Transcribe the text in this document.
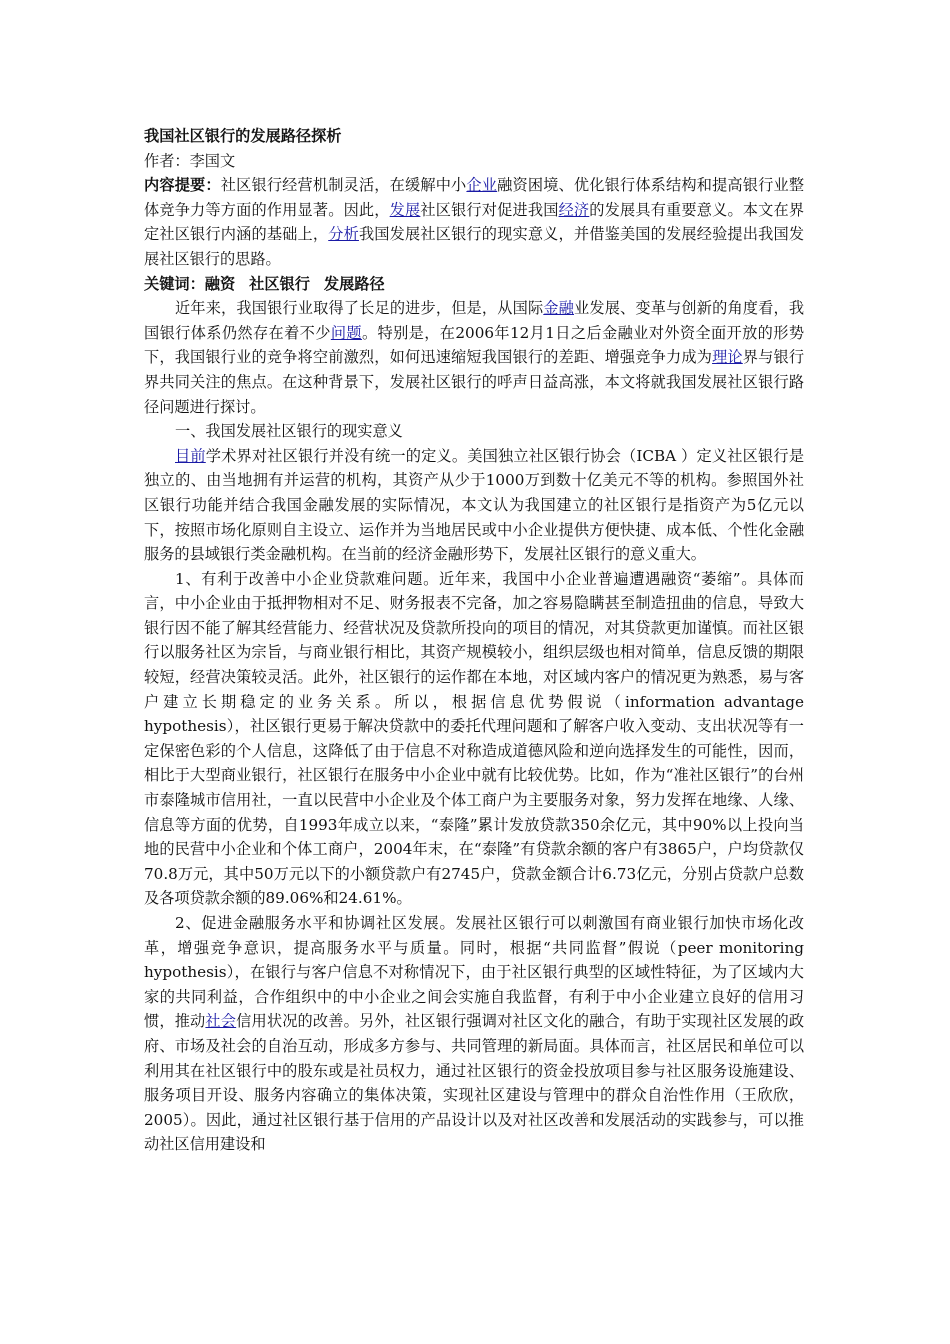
我国社区银行的发展路径探析

作者：李国文

内容提要：社区银行经营机制灵活，在缓解中小企业融资困境、优化银行体系结构和提高银行业整体竞争力等方面的作用显著。因此，发展社区银行对促进我国经济的发展具有重要意义。本文在界定社区银行内涵的基础上，分析我国发展社区银行的现实意义，并借鉴美国的发展经验提出我国发展社区银行的思路。

关键词：融资 社区银行 发展路径

近年来，我国银行业取得了长足的进步，但是，从国际金融业发展、变革与创新的角度看，我国银行体系仍然存在着不少问题。特别是，在2006年12月1日之后金融业对外资全面开放的形势下，我国银行业的竞争将空前激烈，如何迅速缩短我国银行的差距、增强竞争力成为理论界与银行界共同关注的焦点。在这种背景下，发展社区银行的呼声日益高涨，本文将就我国发展社区银行路径问题进行探讨。

一、我国发展社区银行的现实意义

目前学术界对社区银行并没有统一的定义。美国独立社区银行协会（ICBA ）定义社区银行是独立的、由当地拥有并运营的机构，其资产从少于1000万到数十亿美元不等的机构。参照国外社区银行功能并结合我国金融发展的实际情况，本文认为我国建立的社区银行是指资产为5亿元以下，按照市场化原则自主设立、运作并为当地居民或中小企业提供方便快捷、成本低、个性化金融服务的县域银行类金融机构。在当前的经济金融形势下，发展社区银行的意义重大。

1、有利于改善中小企业贷款难问题。近年来，我国中小企业普遍遭遇融资“萎缩”。具体而言，中小企业由于抵押物相对不足、财务报表不完备，加之容易隐瞒甚至制造扭曲的信息，导致大银行因不能了解其经营能力、经营状况及贷款所投向的项目的情况，对其贷款更加谨慎。而社区银行以服务社区为宗旨，与商业银行相比，其资产规模较小，组织层级也相对简单，信息反馈的期限较短，经营决策较灵活。此外，社区银行的运作都在本地，对区域内客户的情况更为熟悉，易与客户建立长期稳定的业务关系。所以，根据信息优势假说（information advantage hypothesis），社区银行更易于解决贷款中的委托代理问题和了解客户收入变动、支出状况等有一定保密色彩的个人信息，这降低了由于信息不对称造成道德风险和逆向选择发生的可能性，因而，相比于大型商业银行，社区银行在服务中小企业中就有比较优势。比如，作为“准社区银行”的台州市泰隆城市信用社，一直以民营中小企业及个体工商户为主要服务对象，努力发挥在地缘、人缘、信息等方面的优势，自1993年成立以来，“泰隆”累计发放贷款350余亿元，其中90%以上投向当地的民营中小企业和个体工商户，2004年末，在“泰隆”有贷款余额的客户有3865户，户均贷款仅70.8万元，其中50万元以下的小额贷款户有2745户，贷款金额合计6.73亿元，分别占贷款户总数及各项贷款余额的89.06%和24.61%。

2、促进金融服务水平和协调社区发展。发展社区银行可以刺激国有商业银行加快市场化改革，增强竞争意识，提高服务水平与质量。同时，根据“共同监督”假说（peer monitoring hypothesis），在银行与客户信息不对称情况下，由于社区银行典型的区域性特征，为了区域内大家的共同利益，合作组织中的中小企业之间会实施自我监督，有利于中小企业建立良好的信用习惯，推动社会信用状况的改善。另外，社区银行强调对社区文化的融合，有助于实现社区发展的政府、市场及社会的自治互动，形成多方参与、共同管理的新局面。具体而言，社区居民和单位可以利用其在社区银行中的股东或是社员权力，通过社区银行的资金投放项目参与社区服务设施建设、服务项目开设、服务内容确立的集体决策，实现社区建设与管理中的群众自治性作用（王欣欣，2005）。因此，通过社区银行基于信用的产品设计以及对社区改善和发展活动的实践参与，可以推动社区信用建设和
